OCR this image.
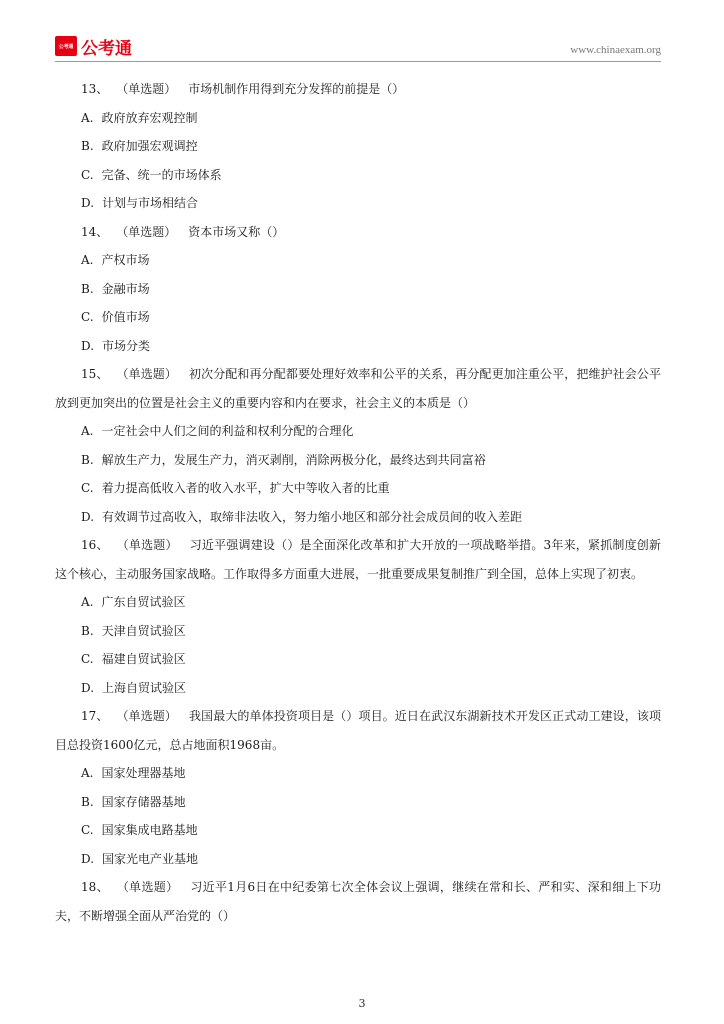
公考通 公考通	www.chinaexam.org

13、 （单选题） 市场机制作用得到充分发挥的前提是（）

A. 政府放弃宏观控制

B. 政府加强宏观调控

C. 完备、统一的市场体系

D. 计划与市场相结合

14、 （单选题） 资本市场又称（）

A. 产权市场

B. 金融市场

C. 价值市场

D. 市场分类

15、 （单选题） 初次分配和再分配都要处理好效率和公平的关系，再分配更加注重公平，把维护社会公平放到更加突出的位置是社会主义的重要内容和内在要求，社会主义的本质是（）

A. 一定社会中人们之间的利益和权利分配的合理化

B. 解放生产力，发展生产力，消灭剥削，消除两极分化，最终达到共同富裕

C. 着力提高低收入者的收入水平，扩大中等收入者的比重

D. 有效调节过高收入，取缔非法收入，努力缩小地区和部分社会成员间的收入差距

16、 （单选题） 习近平强调建设（）是全面深化改革和扩大开放的一项战略举措。3年来，紧抓制度创新这个核心，主动服务国家战略。工作取得多方面重大进展，一批重要成果复制推广到全国，总体上实现了初衷。

A. 广东自贸试验区

B. 天津自贸试验区

C. 福建自贸试验区

D. 上海自贸试验区

17、 （单选题） 我国最大的单体投资项目是（）项目。近日在武汉东湖新技术开发区正式动工建设，该项目总投资1600亿元，总占地面积1968亩。

A. 国家处理器基地

B. 国家存储器基地

C. 国家集成电路基地

D. 国家光电产业基地

18、 （单选题） 习近平1月6日在中纪委第七次全体会议上强调，继续在常和长、严和实、深和细上下功夫，不断增强全面从严治党的（）

3
